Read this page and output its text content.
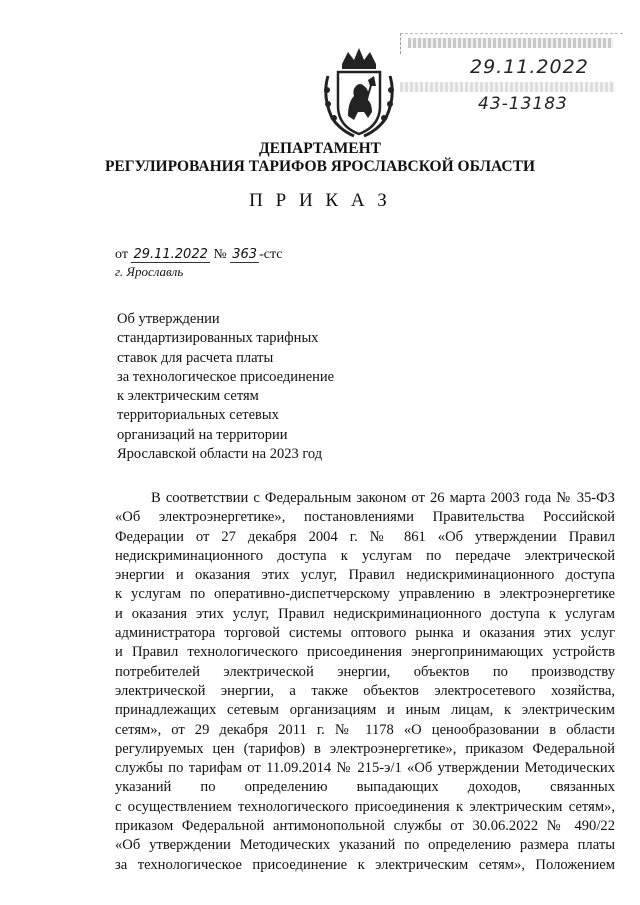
29.11.2022
43-13183
ДЕПАРТАМЕНТ
РЕГУЛИРОВАНИЯ ТАРИФОВ ЯРОСЛАВСКОЙ ОБЛАСТИ
П Р И К А З
от 29.11.2022 № 363 -стс
г. Ярославль
Об утверждении
стандартизированных тарифных
ставок для расчета платы
за технологическое присоединение
к электрическим сетям
территориальных сетевых
организаций на территории
Ярославской области на 2023 год
В соответствии с Федеральным законом от 26 марта 2003 года № 35-ФЗ
«Об электроэнергетике», постановлениями Правительства Российской
Федерации от 27 декабря 2004 г. № 861 «Об утверждении Правил
недискриминационного доступа к услугам по передаче электрической
энергии и оказания этих услуг, Правил недискриминационного доступа
к услугам по оперативно-диспетчерскому управлению в электроэнергетике
и оказания этих услуг, Правил недискриминационного доступа к услугам
администратора торговой системы оптового рынка и оказания этих услуг
и Правил технологического присоединения энергопринимающих устройств
потребителей электрической энергии, объектов по производству
электрической энергии, а также объектов электросетевого хозяйства,
принадлежащих сетевым организациям и иным лицам, к электрическим
сетям», от 29 декабря 2011 г. № 1178 «О ценообразовании в области
регулируемых цен (тарифов) в электроэнергетике», приказом Федеральной
службы по тарифам от 11.09.2014 № 215-э/1 «Об утверждении Методических
указаний по определению выпадающих доходов, связанных
с осуществлением технологического присоединения к электрическим сетям»,
приказом Федеральной антимонопольной службы от 30.06.2022 № 490/22
«Об утверждении Методических указаний по определению размера платы
за технологическое присоединение к электрическим сетям», Положением
